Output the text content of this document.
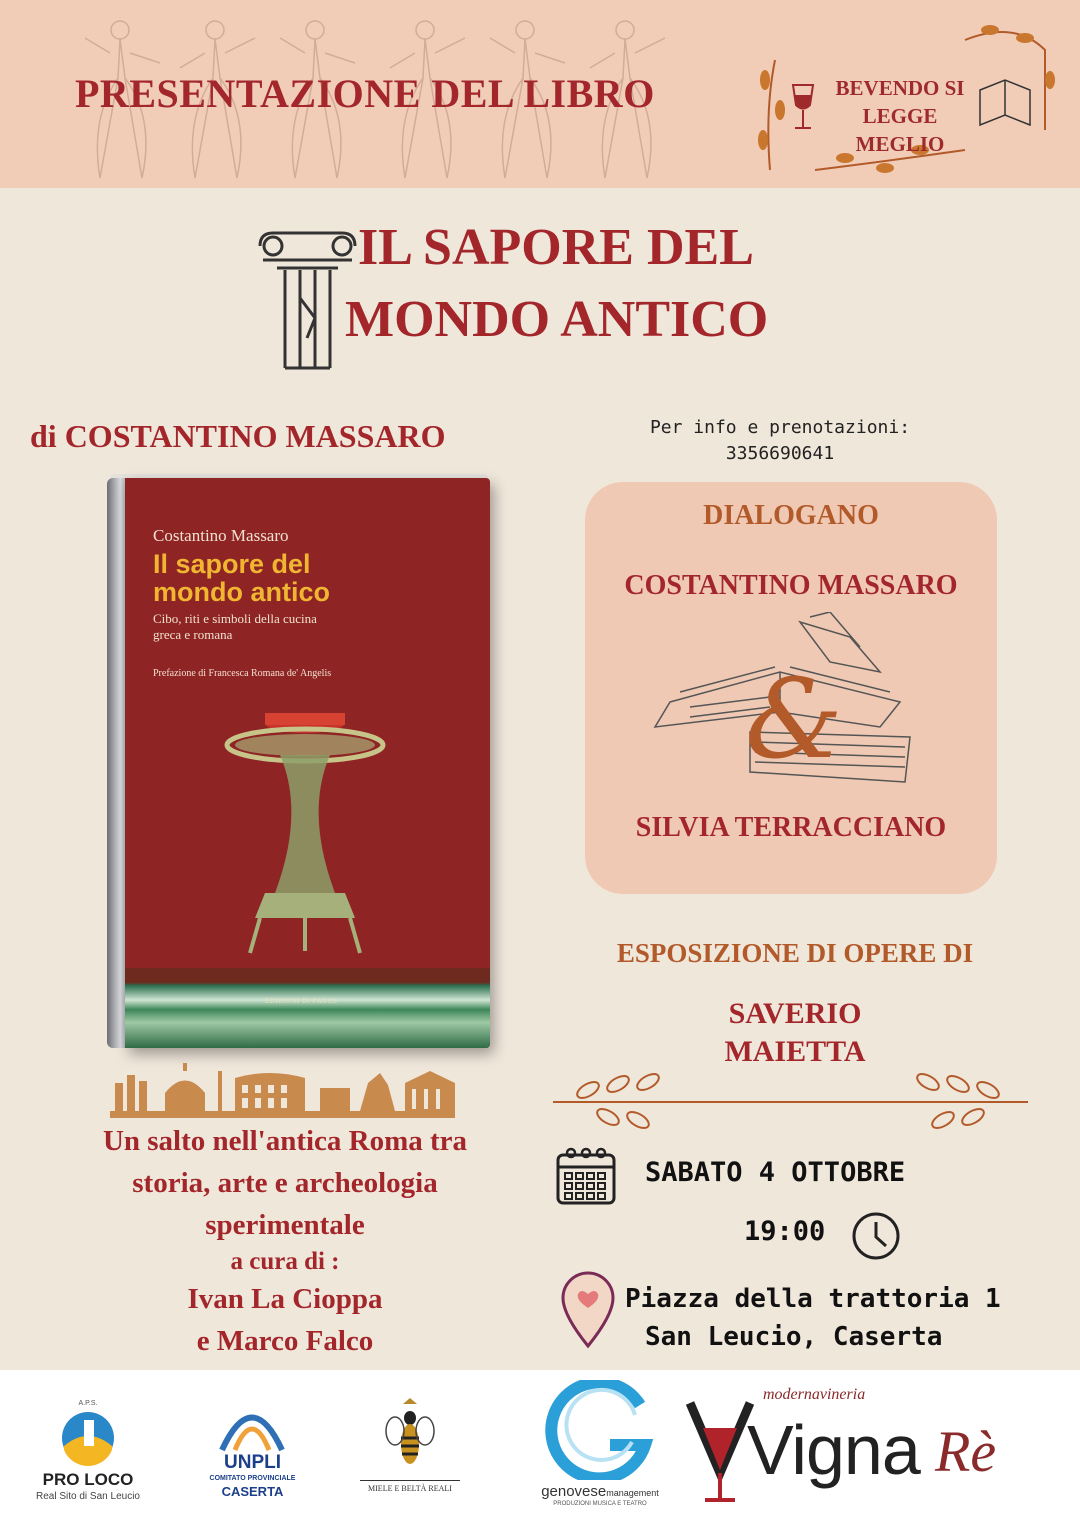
PRESENTAZIONE DEL LIBRO	BEVENDO SI
LEGGE MEGLIO
IL SAPORE DEL
MONDO ANTICO
di COSTANTINO MASSARO	Per info e prenotazioni:
3356690641
Costantino Massaro
Il sapore del
mondo antico
Cibo, riti e simboli della cucina
greca e romana
Prefazione di Francesca Romana de' Angelis
EDIZIONI DI PAGUS
DIALOGANO
COSTANTINO MASSARO
&
SILVIA TERRACCIANO
ESPOSIZIONE DI OPERE DI
SAVERIO
MAIETTA
Un salto nell'antica Roma tra
storia, arte e archeologia
sperimentale
a cura di :
Ivan La Cioppa
e Marco Falco
SABATO 4 OTTOBRE
19:00
Piazza della trattoria 1
San Leucio, Caserta
A.P.S.
PRO LOCO
Real Sito di San Leucio
UNPLI
COMITATO PROVINCIALE
CASERTA	MIELE E BELTÀ REALI	genovesemanagement
PRODUZIONI MUSICA E TEATRO
modernavineria
Vigna Rè
